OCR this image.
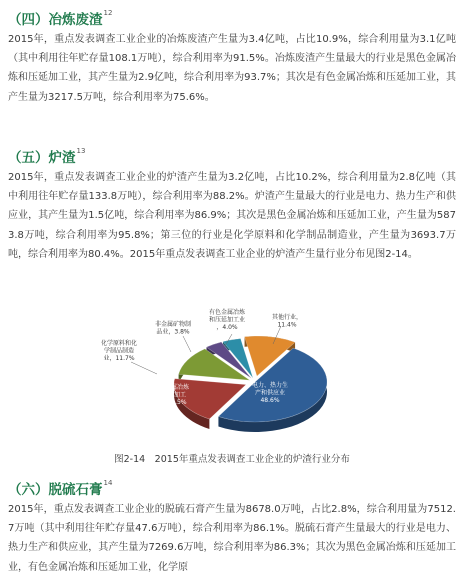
（四）冶炼废渣$^{12}$

2015年，重点发表调查工业企业的冶炼废渣产生量为3.4亿吨，占比10.9%，综合利用量为3.1亿吨（其中利用往年贮存量108.1万吨），综合利用率为91.5%。冶炼废渣产生量最大的行业是黑色金属冶炼和压延加工业，其产生量为2.9亿吨，综合利用率为93.7%；其次是有色金属冶炼和压延加工业，其产生量为3217.5万吨，综合利用率为75.6%。

（五）炉渣$^{13}$

2015年，重点发表调查工业企业的炉渣产生量为3.2亿吨，占比10.2%，综合利用量为2.8亿吨（其中利用往年贮存量133.8万吨），综合利用率为88.2%。炉渣产生量最大的行业是电力、热力生产和供应业，其产生量为1.5亿吨，综合利用率为86.9%；其次是黑色金属冶炼和压延加工业，产生量为5873.8万吨，综合利用率为95.8%；第三位的行业是化学原料和化学制品制造业，产生量为3693.7万吨，综合利用率为80.4%。2015年重点发表调查工业企业的炉渣产生量行业分布见图2-14。

电力、热力生产和供应业 48.6%
黑色金属冶炼和压延加工业，18.5%
化学原料和化学制品制造业，11.7%
非金属矿物制品业，3.8%
有色金属冶炼和压延加工业，4.0%
其他行业， 11.4%
图2-14　2015年重点发表调查工业企业的炉渣行业分布
（六）脱硫石膏$^{14}$

2015年，重点发表调查工业企业的脱硫石膏产生量为8678.0万吨，占比2.8%，综合利用量为7512.7万吨（其中利用往年贮存量47.6万吨），综合利用率为86.1%。脱硫石膏产生量最大的行业是电力、热力生产和供应业，其产生量为7269.6万吨，综合利用率为86.3%；其次为黑色金属冶炼和压延加工业，有色金属冶炼和压延加工业，化学原
